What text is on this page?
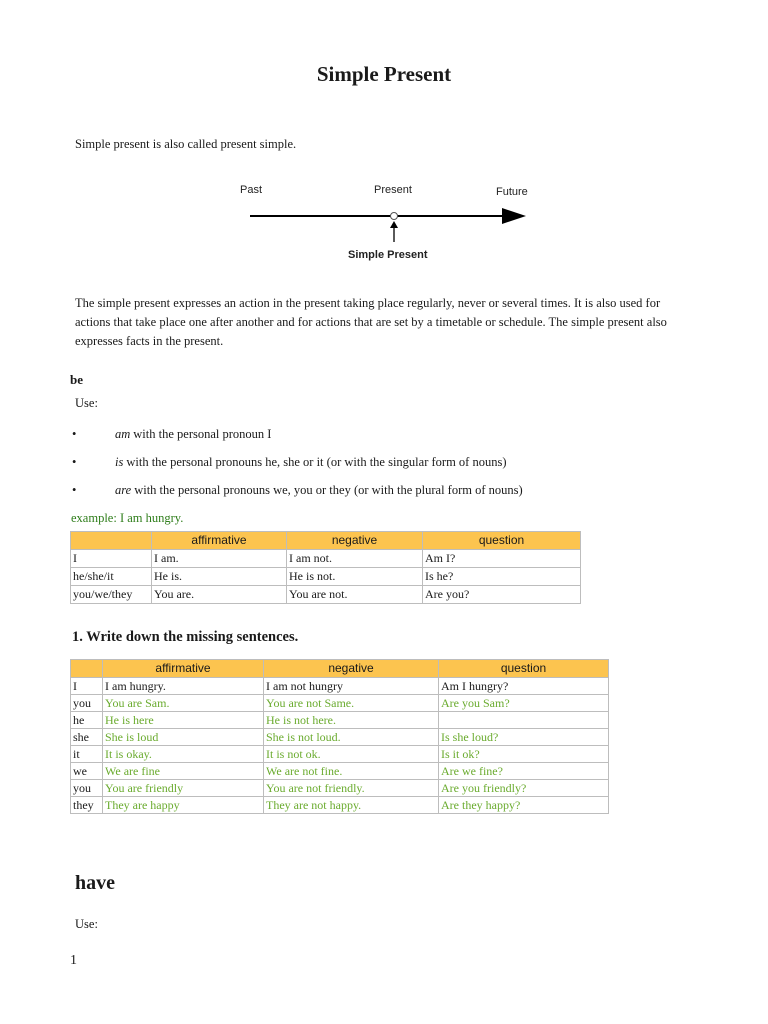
Simple Present
Simple present is also called present simple.
Past	Present	Future
Simple Present
The simple present expresses an action in the present taking place regularly, never or several times. It is also used for actions that take place one after another and for actions that are set by a timetable or schedule. The simple present also expresses facts in the present.
be
Use:
•	am with the personal pronoun I
•	is with the personal pronouns he, she or it (or with the singular form of nouns)
•	are with the personal pronouns we, you or they (or with the plural form of nouns)
example: I am hungry.
	affirmative	negative	question
I	I am.	I am not.	Am I?
he/she/it	He is.	He is not.	Is he?
you/we/they	You are.	You are not.	Are you?
1. Write down the missing sentences.
	affirmative	negative	question
I	I am hungry.	I am not hungry	Am I hungry?
you	You are Sam.	You are not Same.	Are you Sam?
he	He is here	He is not here.	
she	She is loud	She is not loud.	Is she loud?
it	It is okay.	It is not ok.	Is it ok?
we	We are fine	We are not fine.	Are we fine?
you	You are friendly	You are not friendly.	Are you friendly?
they	They are happy	They are not happy.	Are they happy?
have
Use:
1
